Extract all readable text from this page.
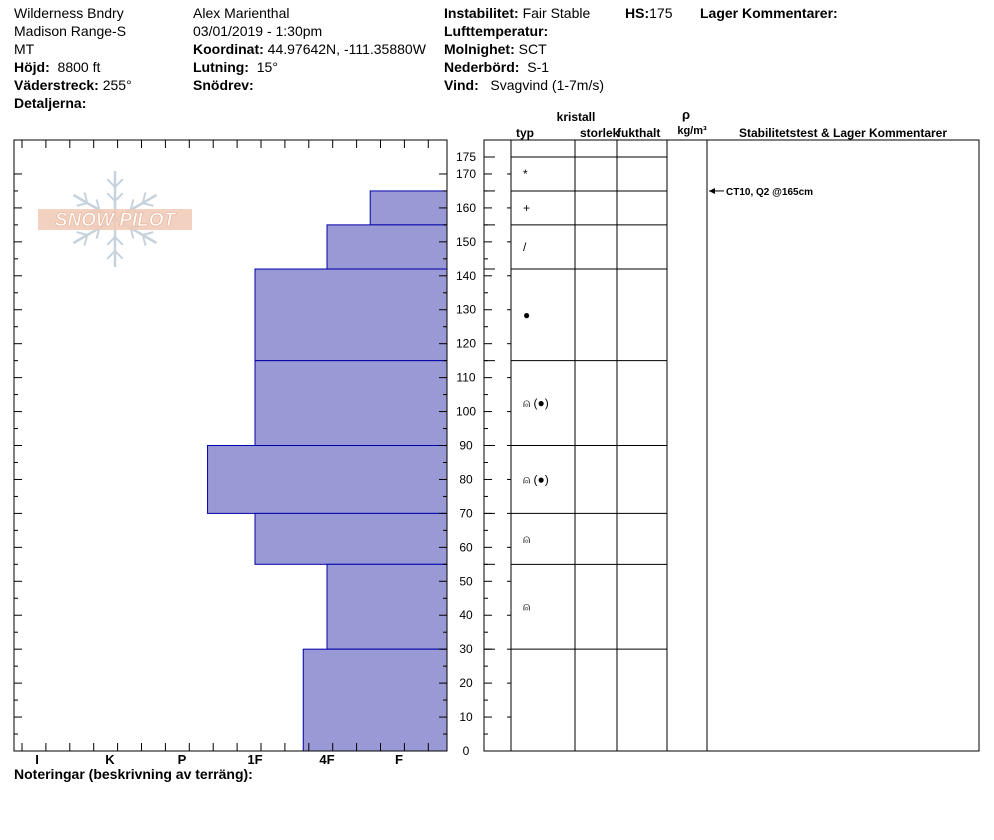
Wilderness Bndry
Madison Range-S
MT
Höjd: 8800 ft
Väderstreck: 255°
Detaljerna:
Alex Marienthal
03/01/2019 - 1:30pm
Koordinat: 44.97642N, -111.35880W
Lutning: 15°
Snödrev:
Instabilitet: Fair Stable
Lufttemperatur:
Molnighet: SCT
Nederbörd: S-1
Vind: Svagvind (1-7m/s)
HS:175 Lager Kommentarer:
SNOW PILOT
0
10
20
30
40
50
60
70
80
90
100
110
120
130
140
150
160
170
175
I	K	P	1F	4F	F
kristall
typ	storlek
fukthalt
ρ
kg/m³	Stabilitetstest & Lager Kommentarer
*
+
/
●
⍝ (●)
⍝ (●)
⍝
⍝
CT10, Q2 @165cm
Noteringar (beskrivning av terräng):
